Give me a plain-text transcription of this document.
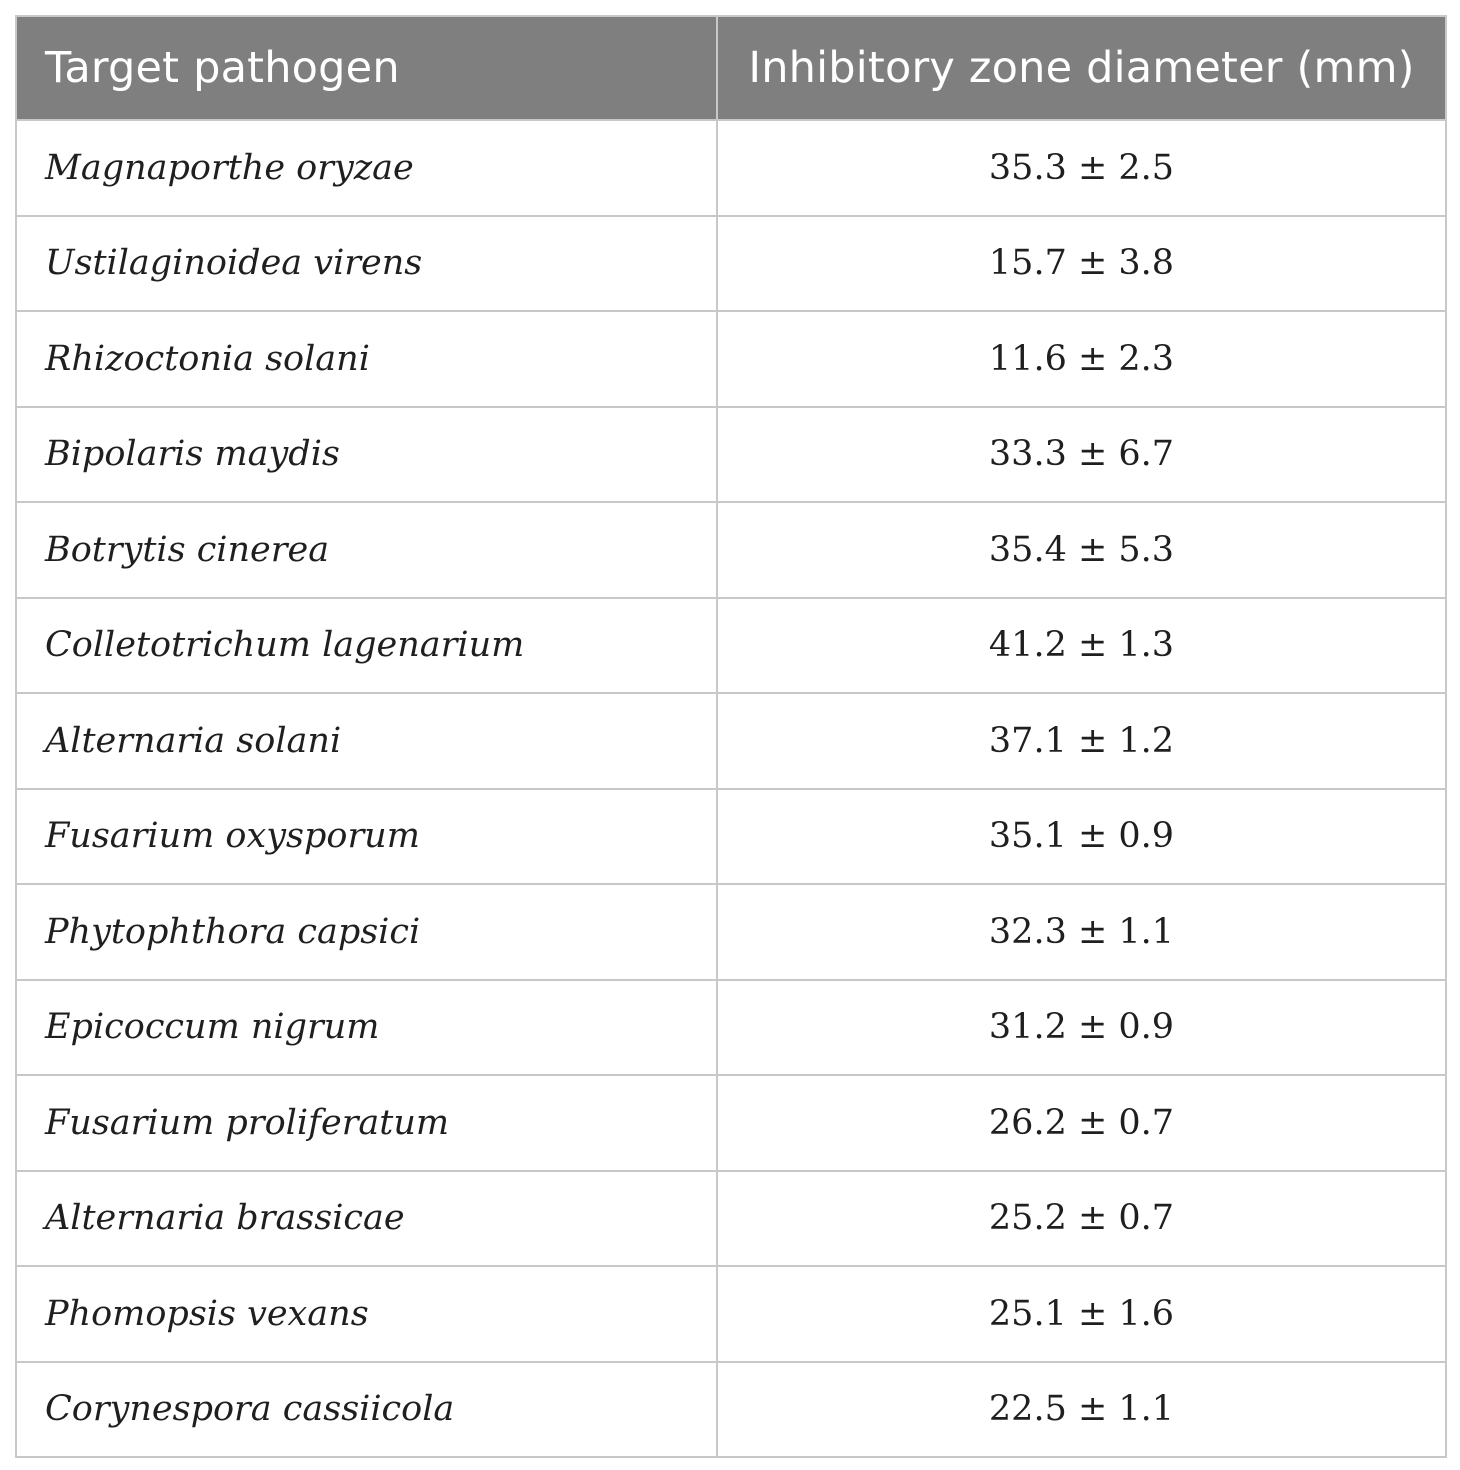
Target pathogen	Inhibitory zone diameter (mm)
Magnaporthe oryzae	35.3 ± 2.5
Ustilaginoidea virens	15.7 ± 3.8
Rhizoctonia solani	11.6 ± 2.3
Bipolaris maydis	33.3 ± 6.7
Botrytis cinerea	35.4 ± 5.3
Colletotrichum lagenarium	41.2 ± 1.3
Alternaria solani	37.1 ± 1.2
Fusarium oxysporum	35.1 ± 0.9
Phytophthora capsici	32.3 ± 1.1
Epicoccum nigrum	31.2 ± 0.9
Fusarium proliferatum	26.2 ± 0.7
Alternaria brassicae	25.2 ± 0.7
Phomopsis vexans	25.1 ± 1.6
Corynespora cassiicola	22.5 ± 1.1
